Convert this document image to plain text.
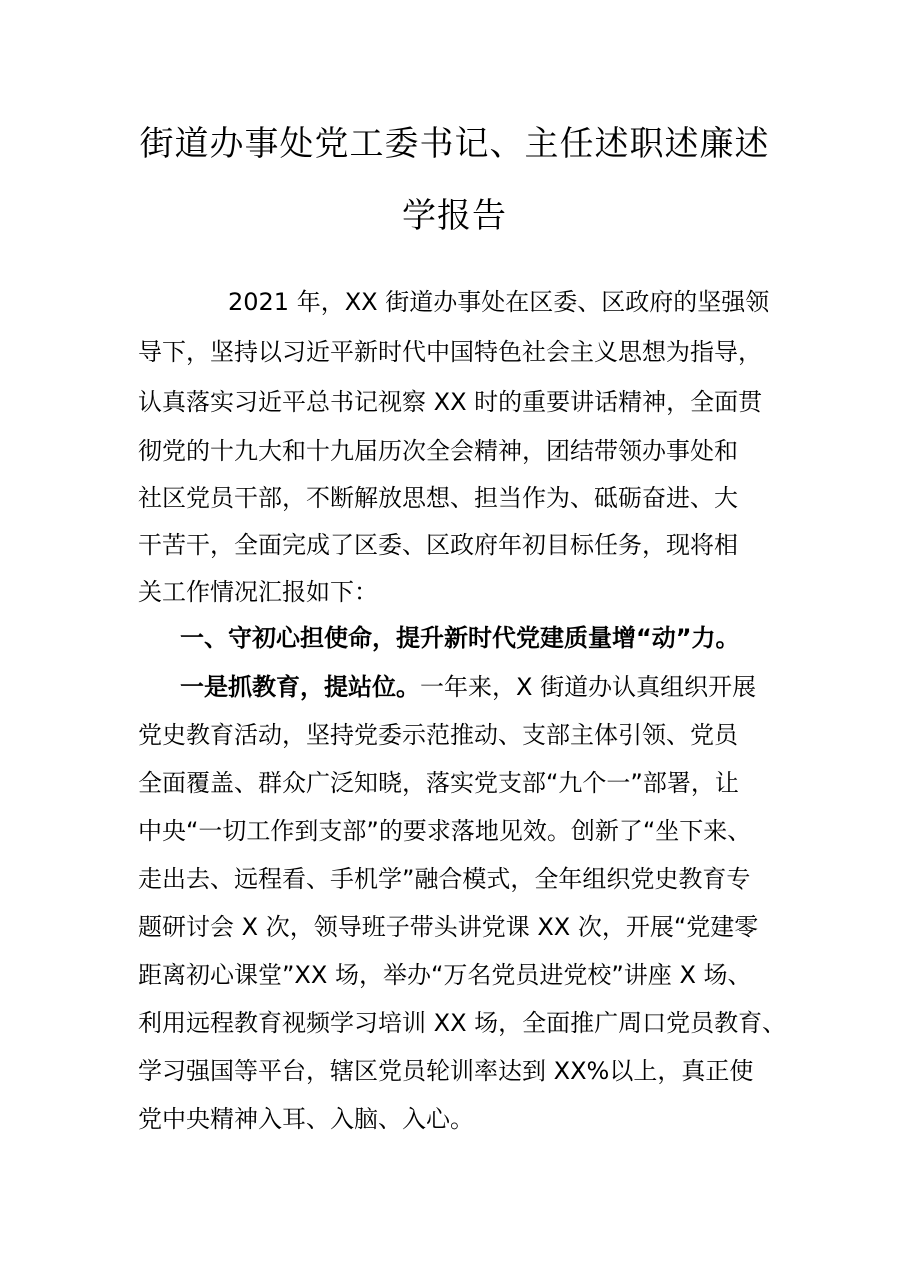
街道办事处党工委书记、主任述职述廉述
学报告
2021 年，XX 街道办事处在区委、区政府的坚强领
导下，坚持以习近平新时代中国特色社会主义思想为指导，
认真落实习近平总书记视察 XX 时的重要讲话精神，全面贯
彻党的十九大和十九届历次全会精神，团结带领办事处和
社区党员干部，不断解放思想、担当作为、砥砺奋进、大
干苦干，全面完成了区委、区政府年初目标任务，现将相
关工作情况汇报如下：
一、守初心担使命，提升新时代党建质量增“动”力。
一是抓教育，提站位。一年来，X 街道办认真组织开展
党史教育活动，坚持党委示范推动、支部主体引领、党员
全面覆盖、群众广泛知晓，落实党支部“九个一”部署，让
中央“一切工作到支部”的要求落地见效。创新了“坐下来、
走出去、远程看、手机学”融合模式，全年组织党史教育专
题研讨会 X 次，领导班子带头讲党课 XX 次，开展“党建零
距离初心课堂”XX 场，举办“万名党员进党校”讲座 X 场、
利用远程教育视频学习培训 XX 场，全面推广周口党员教育、
学习强国等平台，辖区党员轮训率达到 XX%以上，真正使
党中央精神入耳、入脑、入心。
